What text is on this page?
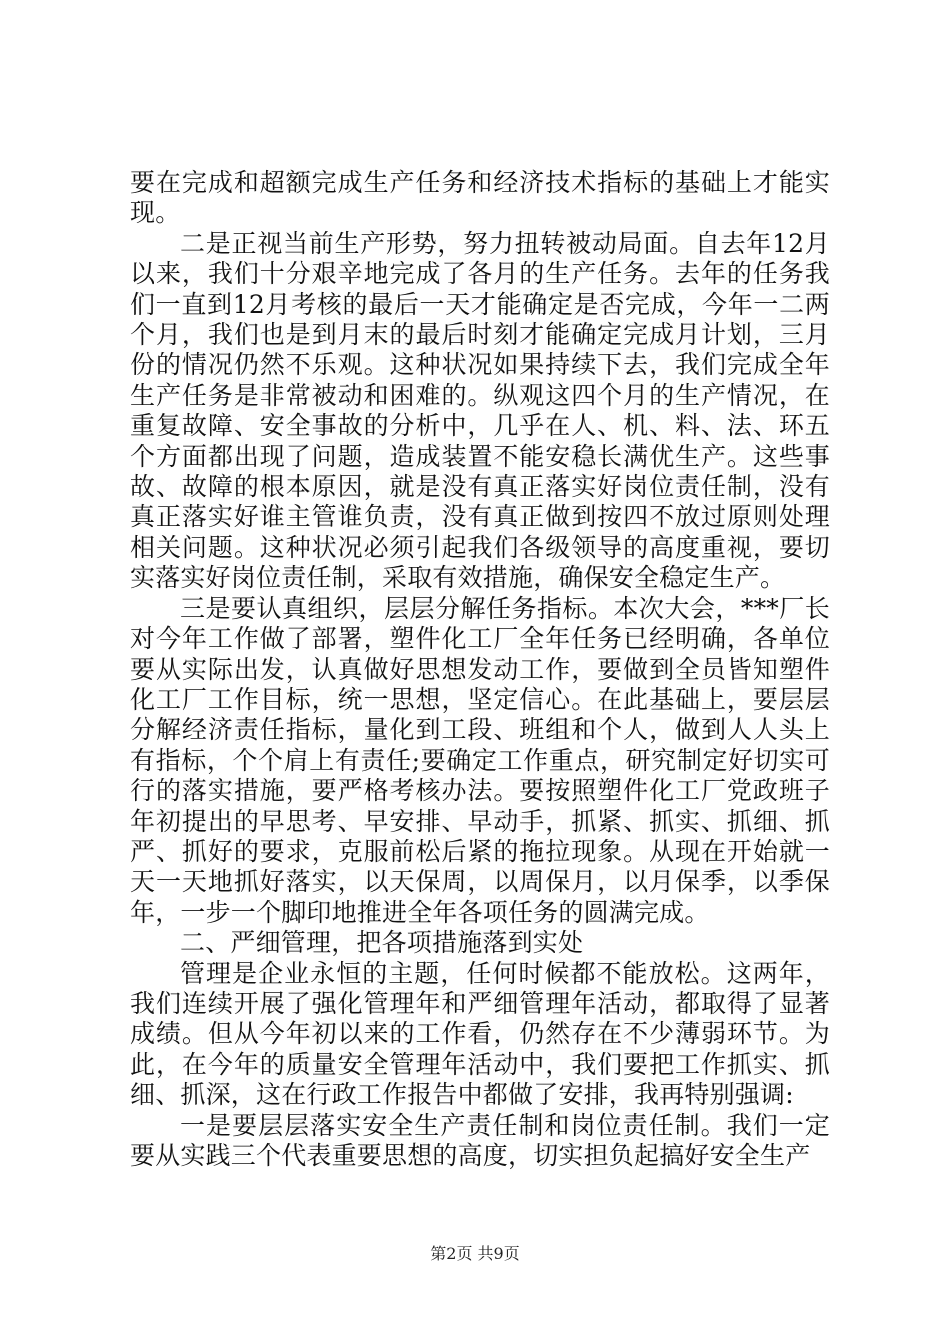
要在完成和超额完成生产任务和经济技术指标的基础上才能实现。

二是正视当前生产形势，努力扭转被动局面。自去年12月以来，我们十分艰辛地完成了各月的生产任务。去年的任务我们一直到12月考核的最后一天才能确定是否完成，今年一二两个月，我们也是到月末的最后时刻才能确定完成月计划，三月份的情况仍然不乐观。这种状况如果持续下去，我们完成全年生产任务是非常被动和困难的。纵观这四个月的生产情况，在重复故障、安全事故的分析中，几乎在人、机、料、法、环五个方面都出现了问题，造成装置不能安稳长满优生产。这些事故、故障的根本原因，就是没有真正落实好岗位责任制，没有真正落实好谁主管谁负责，没有真正做到按四不放过原则处理相关问题。这种状况必须引起我们各级领导的高度重视，要切实落实好岗位责任制，采取有效措施，确保安全稳定生产。

三是要认真组织，层层分解任务指标。本次大会，***厂长对今年工作做了部署，塑件化工厂全年任务已经明确，各单位要从实际出发，认真做好思想发动工作，要做到全员皆知塑件化工厂工作目标，统一思想，坚定信心。在此基础上，要层层分解经济责任指标，量化到工段、班组和个人，做到人人头上有指标，个个肩上有责任;要确定工作重点，研究制定好切实可行的落实措施，要严格考核办法。要按照塑件化工厂党政班子年初提出的早思考、早安排、早动手，抓紧、抓实、抓细、抓严、抓好的要求，克服前松后紧的拖拉现象。从现在开始就一天一天地抓好落实，以天保周，以周保月，以月保季，以季保年，一步一个脚印地推进全年各项任务的圆满完成。

二、严细管理，把各项措施落到实处

管理是企业永恒的主题，任何时候都不能放松。这两年，我们连续开展了强化管理年和严细管理年活动，都取得了显著成绩。但从今年初以来的工作看，仍然存在不少薄弱环节。为此，在今年的质量安全管理年活动中，我们要把工作抓实、抓细、抓深，这在行政工作报告中都做了安排，我再特别强调:

一是要层层落实安全生产责任制和岗位责任制。我们一定要从实践三个代表重要思想的高度，切实担负起搞好安全生产

第2页 共9页
